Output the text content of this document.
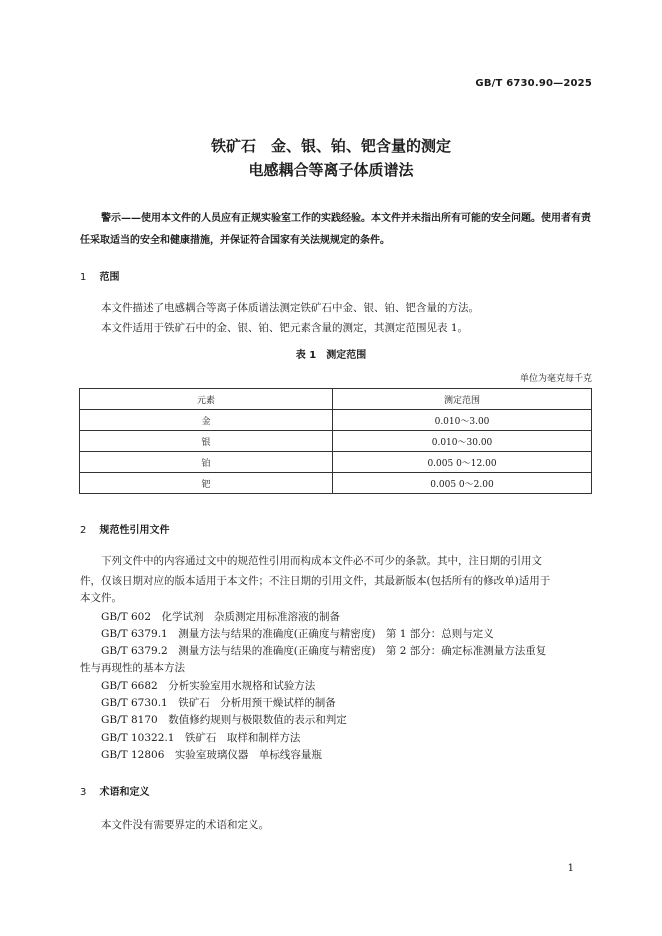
GB/T 6730.90—2025
铁矿石　金、银、铂、钯含量的测定
电感耦合等离子体质谱法
警示——使用本文件的人员应有正规实验室工作的实践经验。本文件并未指出所有可能的安全问题。使用者有责任采取适当的安全和健康措施，并保证符合国家有关法规规定的条件。
1 范围
本文件描述了电感耦合等离子体质谱法测定铁矿石中金、银、铂、钯含量的方法。
本文件适用于铁矿石中的金、银、铂、钯元素含量的测定，其测定范围见表 1。
表 1　测定范围
单位为毫克每千克
元素	测定范围
金	0.010～3.00
银	0.010～30.00
铂	0.005 0～12.00
钯	0.005 0～2.00
2 规范性引用文件
下列文件中的内容通过文中的规范性引用而构成本文件必不可少的条款。其中，注日期的引用文
件，仅该日期对应的版本适用于本文件；不注日期的引用文件，其最新版本(包括所有的修改单)适用于
本文件。
GB/T 602　化学试剂　杂质测定用标准溶液的制备
GB/T 6379.1　测量方法与结果的准确度(正确度与精密度)　第 1 部分：总则与定义
GB/T 6379.2　测量方法与结果的准确度(正确度与精密度)　第 2 部分：确定标准测量方法重复
性与再现性的基本方法
GB/T 6682　分析实验室用水规格和试验方法
GB/T 6730.1　铁矿石　分析用预干燥试样的制备
GB/T 8170　数值修约规则与极限数值的表示和判定
GB/T 10322.1　铁矿石　取样和制样方法
GB/T 12806　实验室玻璃仪器　单标线容量瓶
3 术语和定义
本文件没有需要界定的术语和定义。
1
